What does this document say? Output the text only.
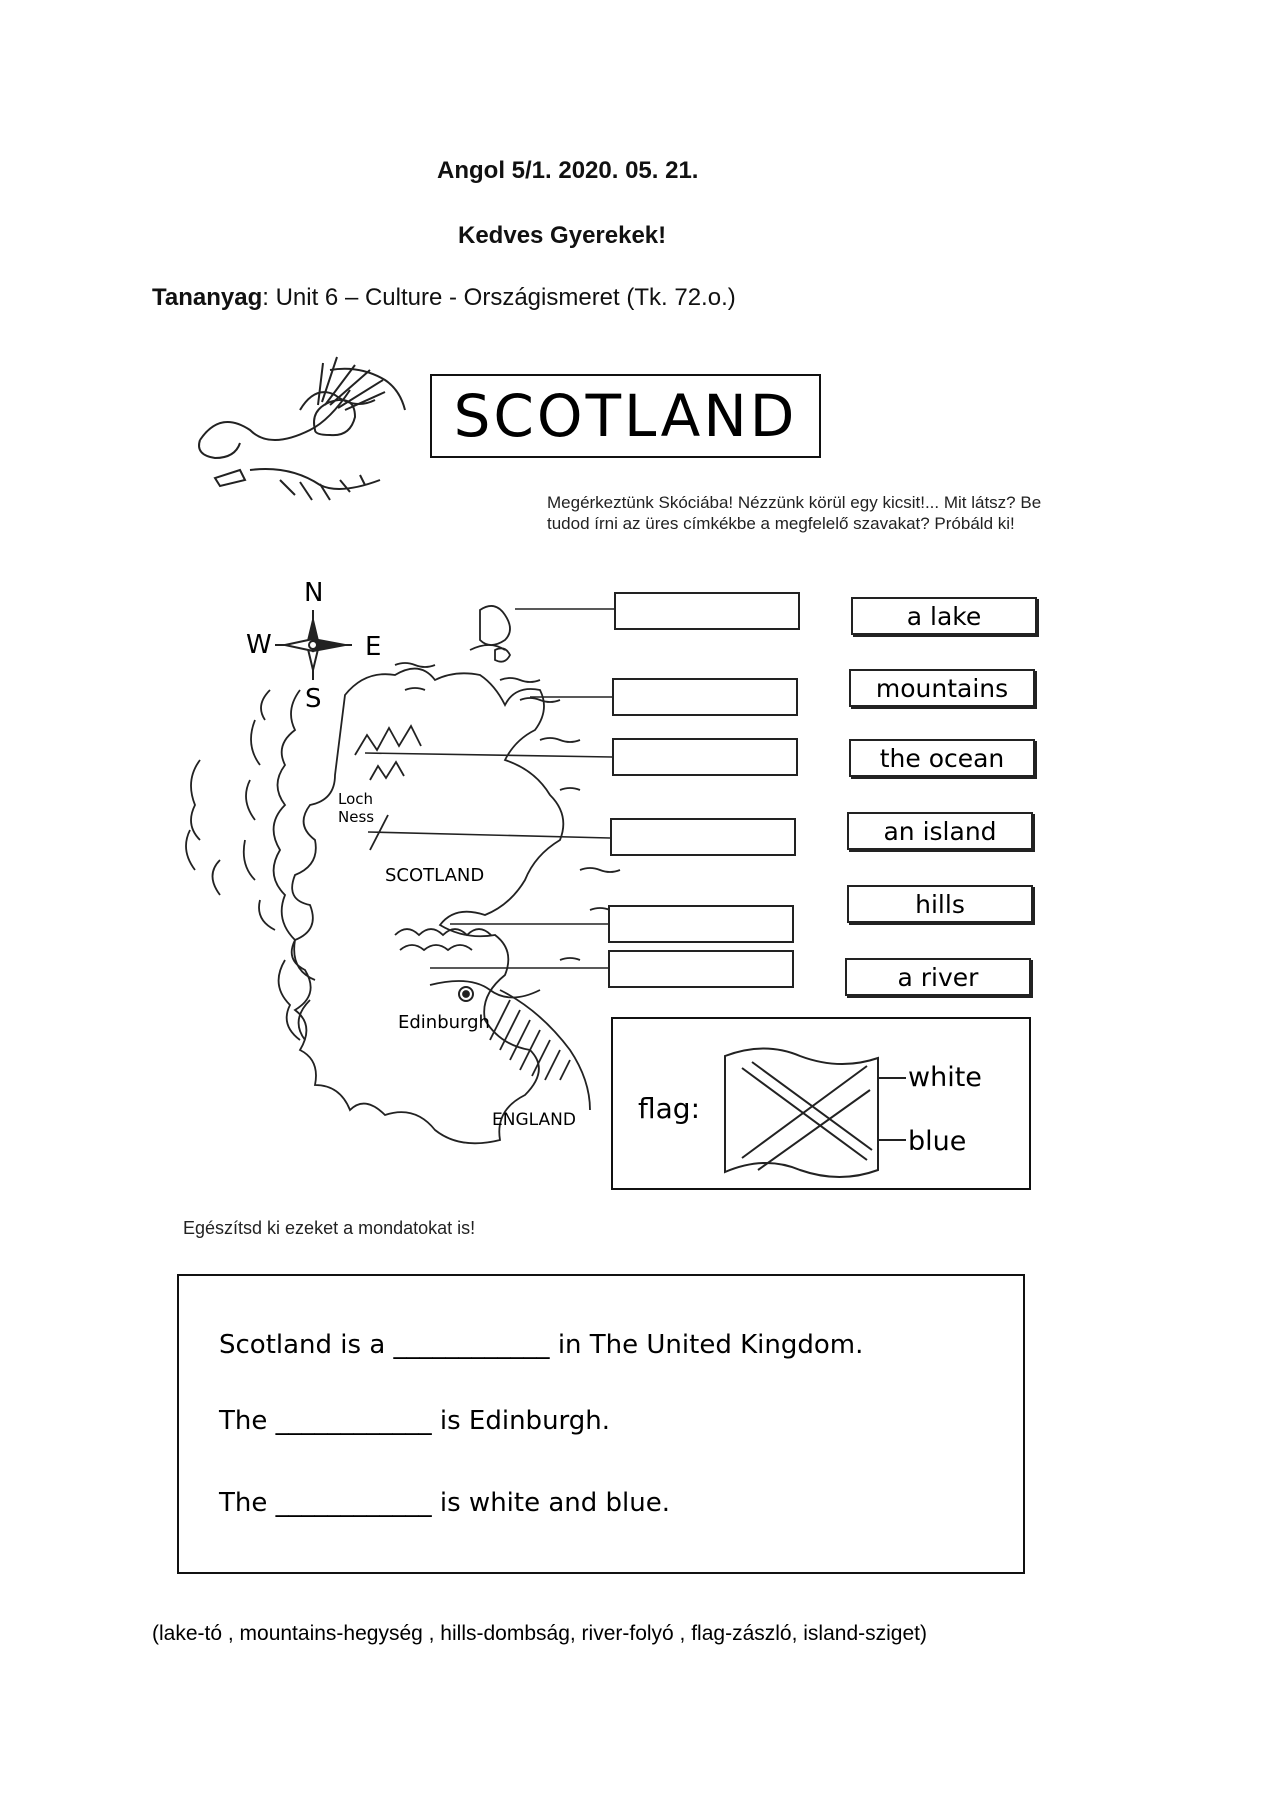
Angol 5/1. 2020. 05. 21.
Kedves Gyerekek!
Tananyag: Unit 6 – Culture - Országismeret (Tk. 72.o.)
N
S
E
W
Loch
Ness
SCOTLAND
Edinburgh
ENGLAND
SCOTLAND
Megérkeztünk Skóciába! Nézzünk körül egy kicsit!... Mit látsz? Be tudod írni az üres címkékbe a megfelelő szavakat? Próbáld ki!
a lake
mountains
the ocean
an island
hills
a river
flag:
white
blue
Egészítsd ki ezeket a mondatokat is!
Scotland is a ____________ in The United Kingdom.
The ____________ is Edinburgh.
The ____________ is white and blue.
(lake-tó , mountains-hegység , hills-dombság, river-folyó , flag-zászló, island-sziget)
